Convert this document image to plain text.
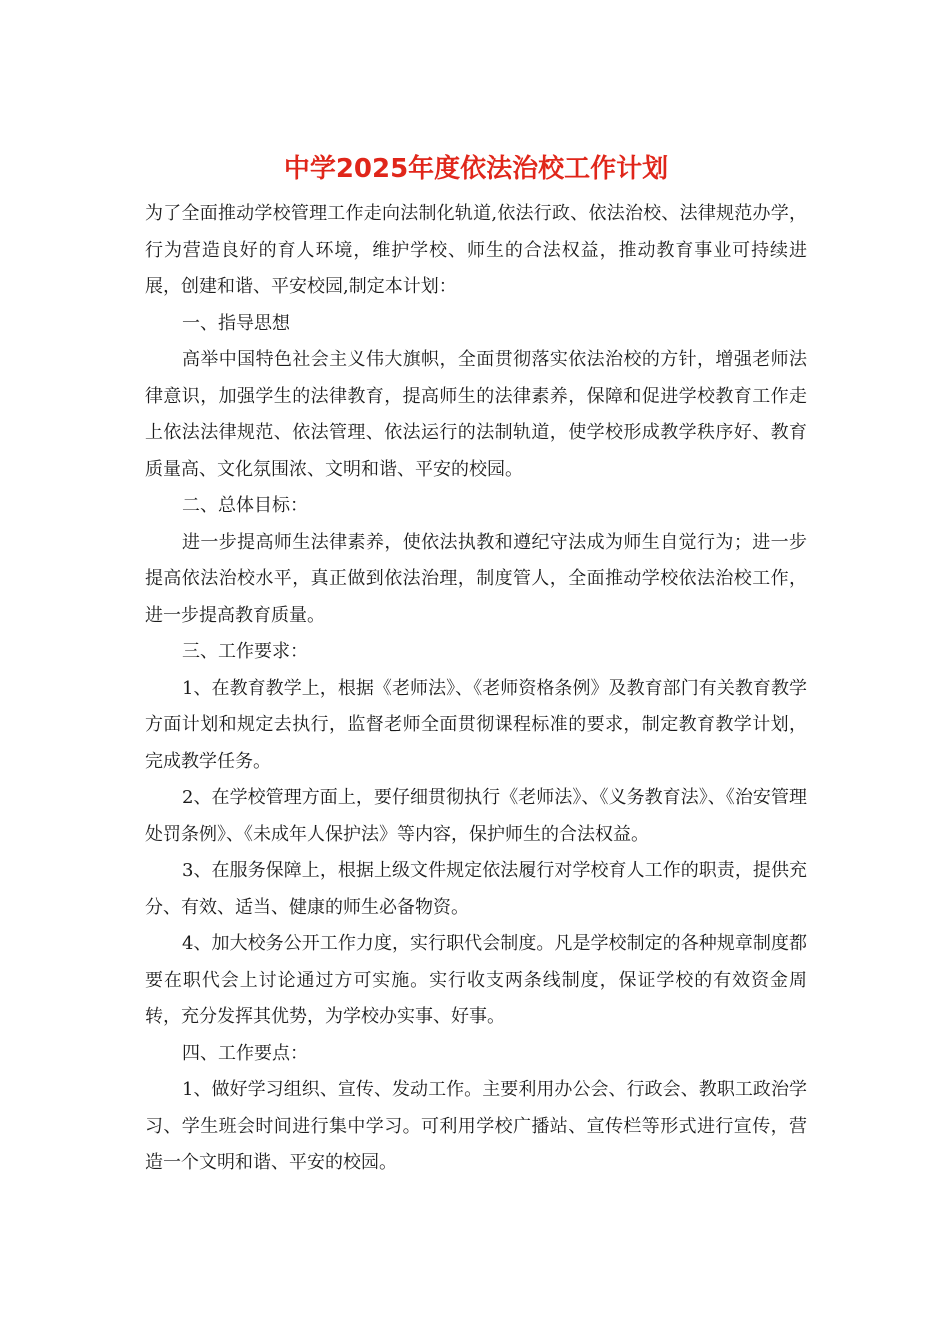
中学2025年度依法治校工作计划

为了全面推动学校管理工作走向法制化轨道,依法行政、依法治校、法律规范办学，行为营造良好的育人环境，维护学校、师生的合法权益，推动教育事业可持续进展，创建和谐、平安校园,制定本计划：

一、指导思想

高举中国特色社会主义伟大旗帜，全面贯彻落实依法治校的方针，增强老师法律意识，加强学生的法律教育，提高师生的法律素养，保障和促进学校教育工作走上依法法律规范、依法管理、依法运行的法制轨道，使学校形成教学秩序好、教育质量高、文化氛围浓、文明和谐、平安的校园。

二、总体目标：

进一步提高师生法律素养，使依法执教和遵纪守法成为师生自觉行为；进一步提高依法治校水平，真正做到依法治理，制度管人，全面推动学校依法治校工作，进一步提高教育质量。

三、工作要求：

1、在教育教学上，根据《老师法》、《老师资格条例》及教育部门有关教育教学方面计划和规定去执行，监督老师全面贯彻课程标准的要求，制定教育教学计划，完成教学任务。

2、在学校管理方面上，要仔细贯彻执行《老师法》、《义务教育法》、《治安管理处罚条例》、《未成年人保护法》等内容，保护师生的合法权益。

3、在服务保障上，根据上级文件规定依法履行对学校育人工作的职责，提供充分、有效、适当、健康的师生必备物资。

4、加大校务公开工作力度，实行职代会制度。凡是学校制定的各种规章制度都要在职代会上讨论通过方可实施。实行收支两条线制度，保证学校的有效资金周转，充分发挥其优势，为学校办实事、好事。

四、工作要点：

1、做好学习组织、宣传、发动工作。主要利用办公会、行政会、教职工政治学习、学生班会时间进行集中学习。可利用学校广播站、宣传栏等形式进行宣传，营造一个文明和谐、平安的校园。
